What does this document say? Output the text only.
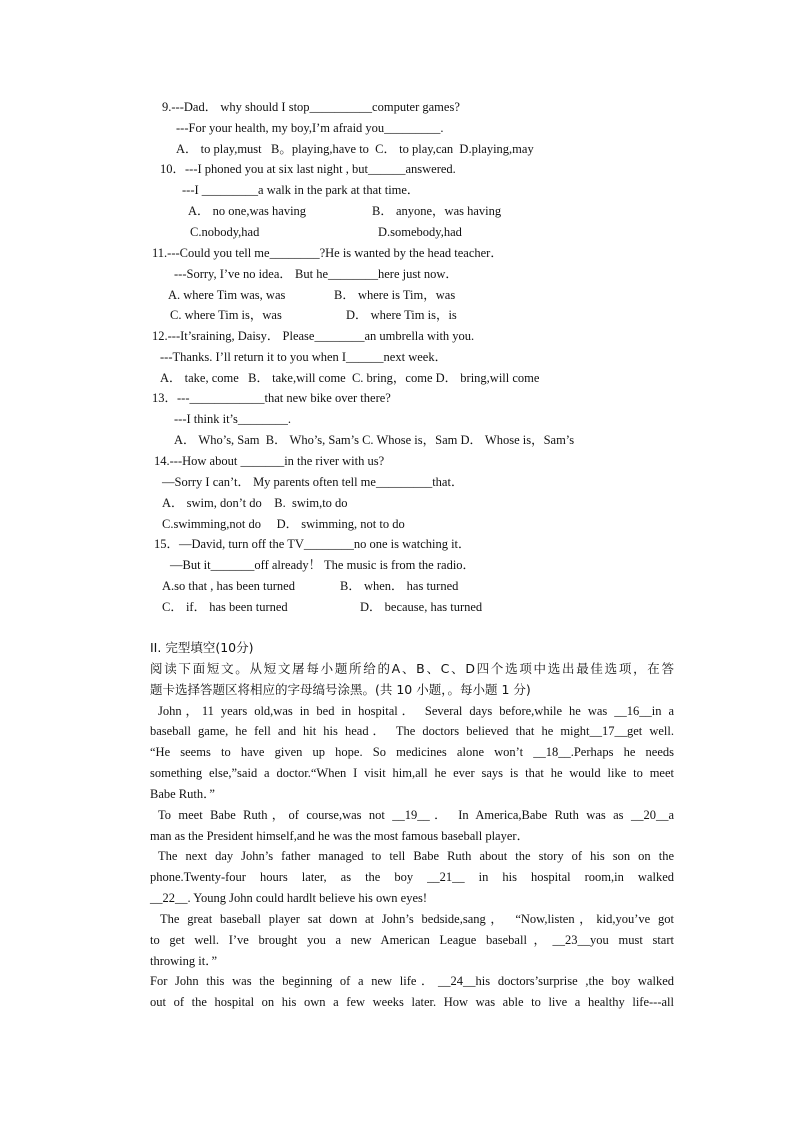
9.---Dad． why should I stop__________computer games?
---For your health, my boy,I’m afraid you_________.
A． to play,must   B。playing,have to  C． to play,can  D.playing,may
10．---I phoned you at six last night , but______answered.
---I _________a walk in the park at that time．
A． no one,was having	B． anyone，was having
C.nobody,had	D.somebody,had
11.---Could you tell me________?He is wanted by the head teacher．
---Sorry, I’ve no idea． But he________here just now．
A. where Tim was, was	B． where is Tim，was
C. where Tim is，was	D． where Tim is，is
12.---It’sraining, Daisy． Please________an umbrella with you.
---Thanks. I’ll return it to you when I______next week．
A． take, come   B． take,will come  C. bring，come D． bring,will come
13．---____________that new bike over there?
---I think it’s________.
A． Who’s, Sam  B． Who’s, Sam’s C. Whose is，Sam D． Whose is，Sam’s
14.---How about _______in the river with us?
—Sorry I can’t． My parents often tell me_________that．
A． swim, don’t do    B.  swim,to do
C.swimming,not do     D． swimming, not to do
15．—David, turn off the TV________no one is watching it．
—But it_______off already！ The music is from the radio．
A.so that , has been turned	B． when． has turned
C． if． has been turned	D． because, has turned
II. 完型填空(10分)
阅读下面短文。从短文屠每小题所给的A、B、C、D四个选项中选出最佳选项，在答
题卡选择答题区将相应的字母缟号涂黑。(共 10 小题，。每小题 1 分)
John，11 years old,was in bed in hospital． Several days before,while he was __16__in a
baseball game, he fell and hit his head． The doctors believed that he might__17__get well.
“He seems to have given up hope. So medicines alone won’t __18__.Perhaps he needs
something else,”said a doctor.“When I visit him,all he ever says is that he would like to meet
Babe Ruth．”
To meet Babe Ruth，of course,was not __19__． In America,Babe Ruth was as __20__a
man as the President himself,and he was the most famous baseball player．
The next day John’s father managed to tell Babe Ruth about the story of his son on the
phone.Twenty-four hours later, as the boy __21__ in his hospital room,in walked
__22__. Young John could hardlt believe his own eyes!
The great baseball player sat down at John’s bedside,sang， “Now,listen，kid,you’ve got
to get well. I’ve brought you a new American League baseball，__23__you must start
throwing it．”
For John this was the beginning of a new life．__24__his doctors’surprise ,the boy walked
out of the hospital on his own a few weeks later. How was able to live a healthy life---all
